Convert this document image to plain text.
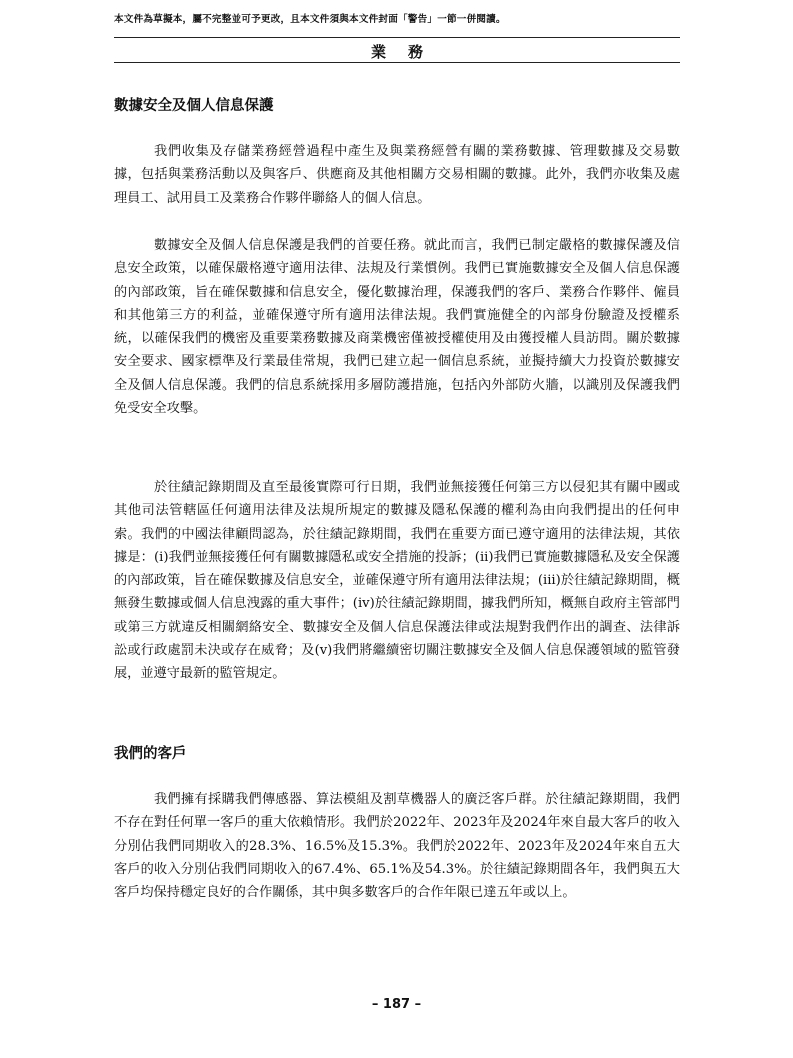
本文件為草擬本，屬不完整並可予更改，且本文件須與本文件封面「警告」一節一併閱讀。
業務
數據安全及個人信息保護

我們收集及存儲業務經營過程中產生及與業務經營有關的業務數據、管理數據及交易數據，包括與業務活動以及與客戶、供應商及其他相關方交易相關的數據。此外，我們亦收集及處理員工、試用員工及業務合作夥伴聯絡人的個人信息。

數據安全及個人信息保護是我們的首要任務。就此而言，我們已制定嚴格的數據保護及信息安全政策，以確保嚴格遵守適用法律、法規及行業慣例。我們已實施數據安全及個人信息保護的內部政策，旨在確保數據和信息安全，優化數據治理，保護我們的客戶、業務合作夥伴、僱員和其他第三方的利益，並確保遵守所有適用法律法規。我們實施健全的內部身份驗證及授權系統，以確保我們的機密及重要業務數據及商業機密僅被授權使用及由獲授權人員訪問。關於數據安全要求、國家標準及行業最佳常規，我們已建立起一個信息系統，並擬持續大力投資於數據安全及個人信息保護。我們的信息系統採用多層防護措施，包括內外部防火牆，以識別及保護我們免受安全攻擊。

於往績記錄期間及直至最後實際可行日期，我們並無接獲任何第三方以侵犯其有關中國或其他司法管轄區任何適用法律及法規所規定的數據及隱私保護的權利為由向我們提出的任何申索。我們的中國法律顧問認為，於往績記錄期間，我們在重要方面已遵守適用的法律法規，其依據是：(i)我們並無接獲任何有關數據隱私或安全措施的投訴；(ii)我們已實施數據隱私及安全保護的內部政策，旨在確保數據及信息安全，並確保遵守所有適用法律法規；(iii)於往績記錄期間，概無發生數據或個人信息洩露的重大事件；(iv)於往績記錄期間，據我們所知，概無自政府主管部門或第三方就違反相關網絡安全、數據安全及個人信息保護法律或法規對我們作出的調查、法律訴訟或行政處罰未決或存在威脅；及(v)我們將繼續密切關注數據安全及個人信息保護領域的監管發展，並遵守最新的監管規定。

我們的客戶

我們擁有採購我們傳感器、算法模組及割草機器人的廣泛客戶群。於往績記錄期間，我們不存在對任何單一客戶的重大依賴情形。我們於2022年、2023年及2024年來自最大客戶的收入分別佔我們同期收入的28.3%、16.5%及15.3%。我們於2022年、2023年及2024年來自五大客戶的收入分別佔我們同期收入的67.4%、65.1%及54.3%。於往績記錄期間各年，我們與五大客戶均保持穩定良好的合作關係，其中與多數客戶的合作年限已達五年或以上。

– 187 –
